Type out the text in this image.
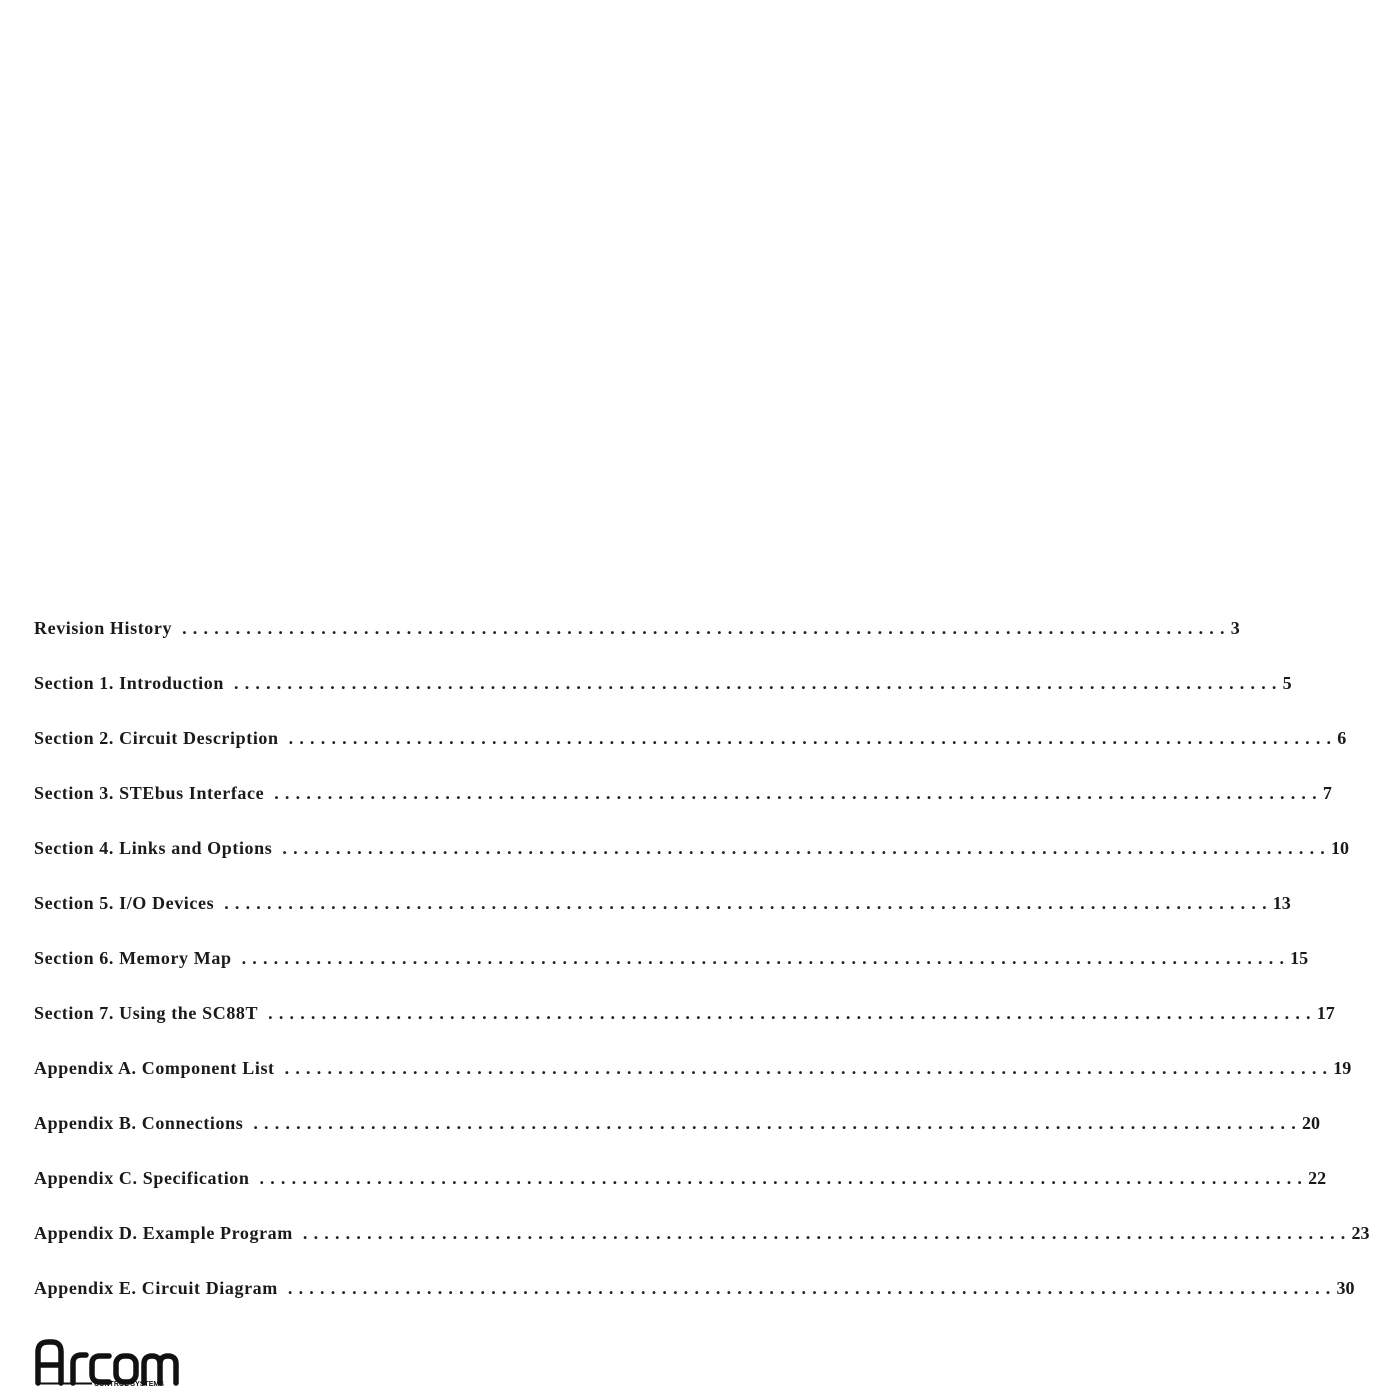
Revision History .................................................................................................. 3
Section 1. Introduction .................................................................................................. 5
Section 2. Circuit Description .................................................................................................. 6
Section 3. STEbus Interface .................................................................................................. 7
Section 4. Links and Options .................................................................................................. 10
Section 5. I/O Devices .................................................................................................. 13
Section 6. Memory Map .................................................................................................. 15
Section 7. Using the SC88T .................................................................................................. 17
Appendix A. Component List .................................................................................................. 19
Appendix B. Connections .................................................................................................. 20
Appendix C. Specification .................................................................................................. 22
Appendix D. Example Program .................................................................................................. 23
Appendix E. Circuit Diagram .................................................................................................. 30
CONTROL SYSTEMS
